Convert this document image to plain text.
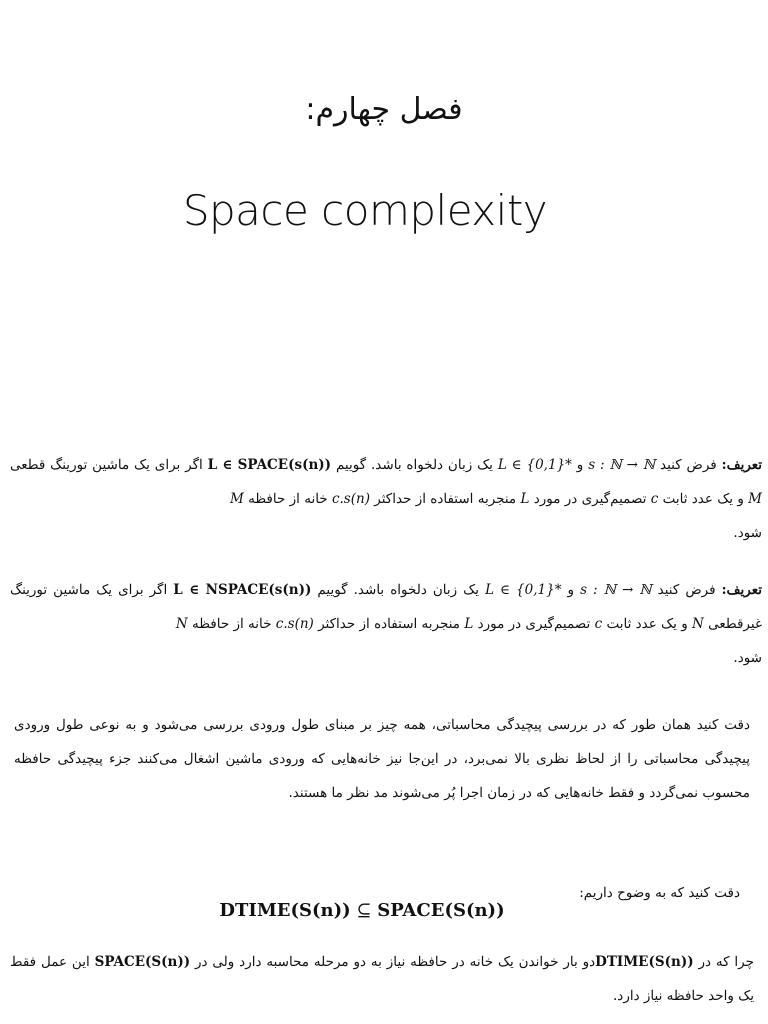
فصل چهارم:
Space complexity
تعریف: فرض کنید s : ℕ → ℕ و L ∈ {0,1}* یک زبان دلخواه باشد. گوییم L ∈ SPACE(s(n)) اگر برای یک ماشین تورینگ قطعی M و یک عدد ثابت c تصمیم‌گیری در مورد L منجربه استفاده از حداکثر c.s(n) خانه از حافظه M
شود.
تعریف: فرض کنید s : ℕ → ℕ و L ∈ {0,1}* یک زبان دلخواه باشد. گوییم L ∈ NSPACE(s(n)) اگر برای یک ماشین تورینگ غیرقطعی N و یک عدد ثابت c تصمیم‌گیری در مورد L منجربه استفاده از حداکثر c.s(n) خانه از حافظه N
شود.
دقت کنید همان طور که در بررسی پیچیدگی محاسباتی، همه چیز بر مبنای طول ورودی بررسی می‌شود و به نوعی طول ورودی پیچیدگی محاسباتی را از لحاظ نظری بالا نمی‌برد، در این‌جا نیز خانه‌هایی که ورودی ماشین اشغال می‌کنند جزء پیچیدگی حافظه محسوب نمی‌گردد و فقط خانه‌هایی که در زمان اجرا پُر می‌شوند مد نظر ما هستند.
دقت کنید که به وضوح داریم:
DTIME(S(n)) ⊆ SPACE(S(n))
چرا که در DTIME(S(n))دو بار خواندن یک خانه در حافظه نیاز به دو مرحله محاسبه دارد ولی در SPACE(S(n)) این عمل فقط یک واحد حافظه نیاز دارد.
